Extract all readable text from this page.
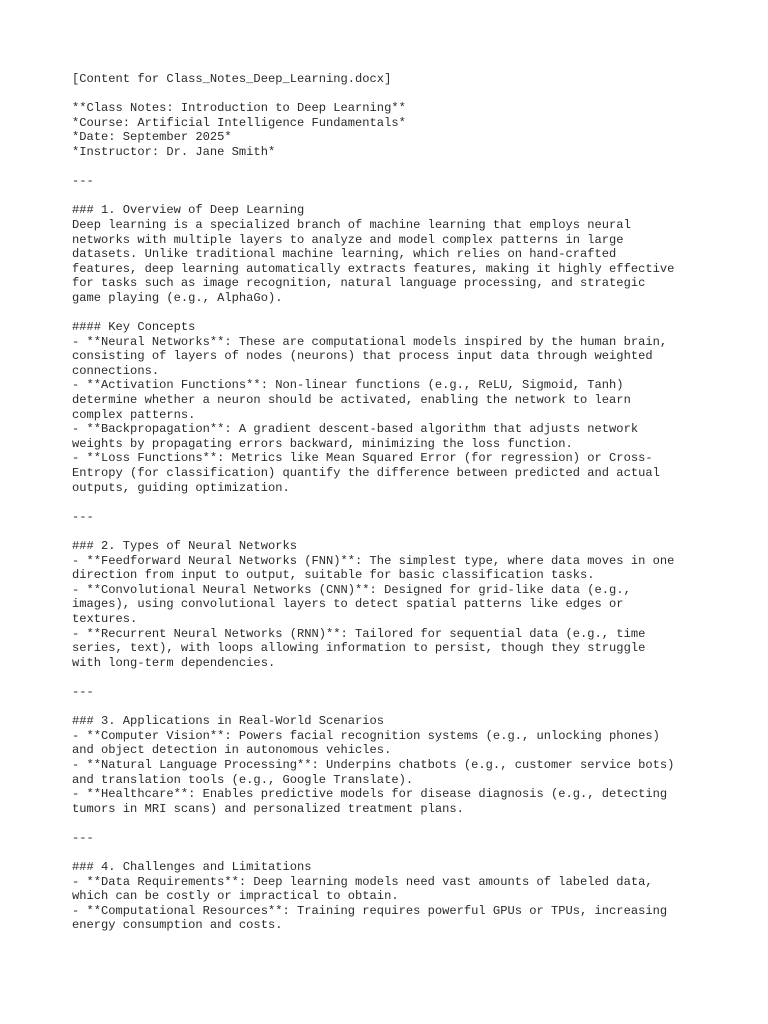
[Content for Class_Notes_Deep_Learning.docx]
**Class Notes: Introduction to Deep Learning**
*Course: Artificial Intelligence Fundamentals*
*Date: September 2025*
*Instructor: Dr. Jane Smith*
---
### 1. Overview of Deep Learning
Deep learning is a specialized branch of machine learning that employs neural
networks with multiple layers to analyze and model complex patterns in large
datasets. Unlike traditional machine learning, which relies on hand-crafted
features, deep learning automatically extracts features, making it highly effective
for tasks such as image recognition, natural language processing, and strategic
game playing (e.g., AlphaGo).
#### Key Concepts
- **Neural Networks**: These are computational models inspired by the human brain,
consisting of layers of nodes (neurons) that process input data through weighted
connections.
- **Activation Functions**: Non-linear functions (e.g., ReLU, Sigmoid, Tanh)
determine whether a neuron should be activated, enabling the network to learn
complex patterns.
- **Backpropagation**: A gradient descent-based algorithm that adjusts network
weights by propagating errors backward, minimizing the loss function.
- **Loss Functions**: Metrics like Mean Squared Error (for regression) or Cross-
Entropy (for classification) quantify the difference between predicted and actual
outputs, guiding optimization.
---
### 2. Types of Neural Networks
- **Feedforward Neural Networks (FNN)**: The simplest type, where data moves in one
direction from input to output, suitable for basic classification tasks.
- **Convolutional Neural Networks (CNN)**: Designed for grid-like data (e.g.,
images), using convolutional layers to detect spatial patterns like edges or
textures.
- **Recurrent Neural Networks (RNN)**: Tailored for sequential data (e.g., time
series, text), with loops allowing information to persist, though they struggle
with long-term dependencies.
---
### 3. Applications in Real-World Scenarios
- **Computer Vision**: Powers facial recognition systems (e.g., unlocking phones)
and object detection in autonomous vehicles.
- **Natural Language Processing**: Underpins chatbots (e.g., customer service bots)
and translation tools (e.g., Google Translate).
- **Healthcare**: Enables predictive models for disease diagnosis (e.g., detecting
tumors in MRI scans) and personalized treatment plans.
---
### 4. Challenges and Limitations
- **Data Requirements**: Deep learning models need vast amounts of labeled data,
which can be costly or impractical to obtain.
- **Computational Resources**: Training requires powerful GPUs or TPUs, increasing
energy consumption and costs.
